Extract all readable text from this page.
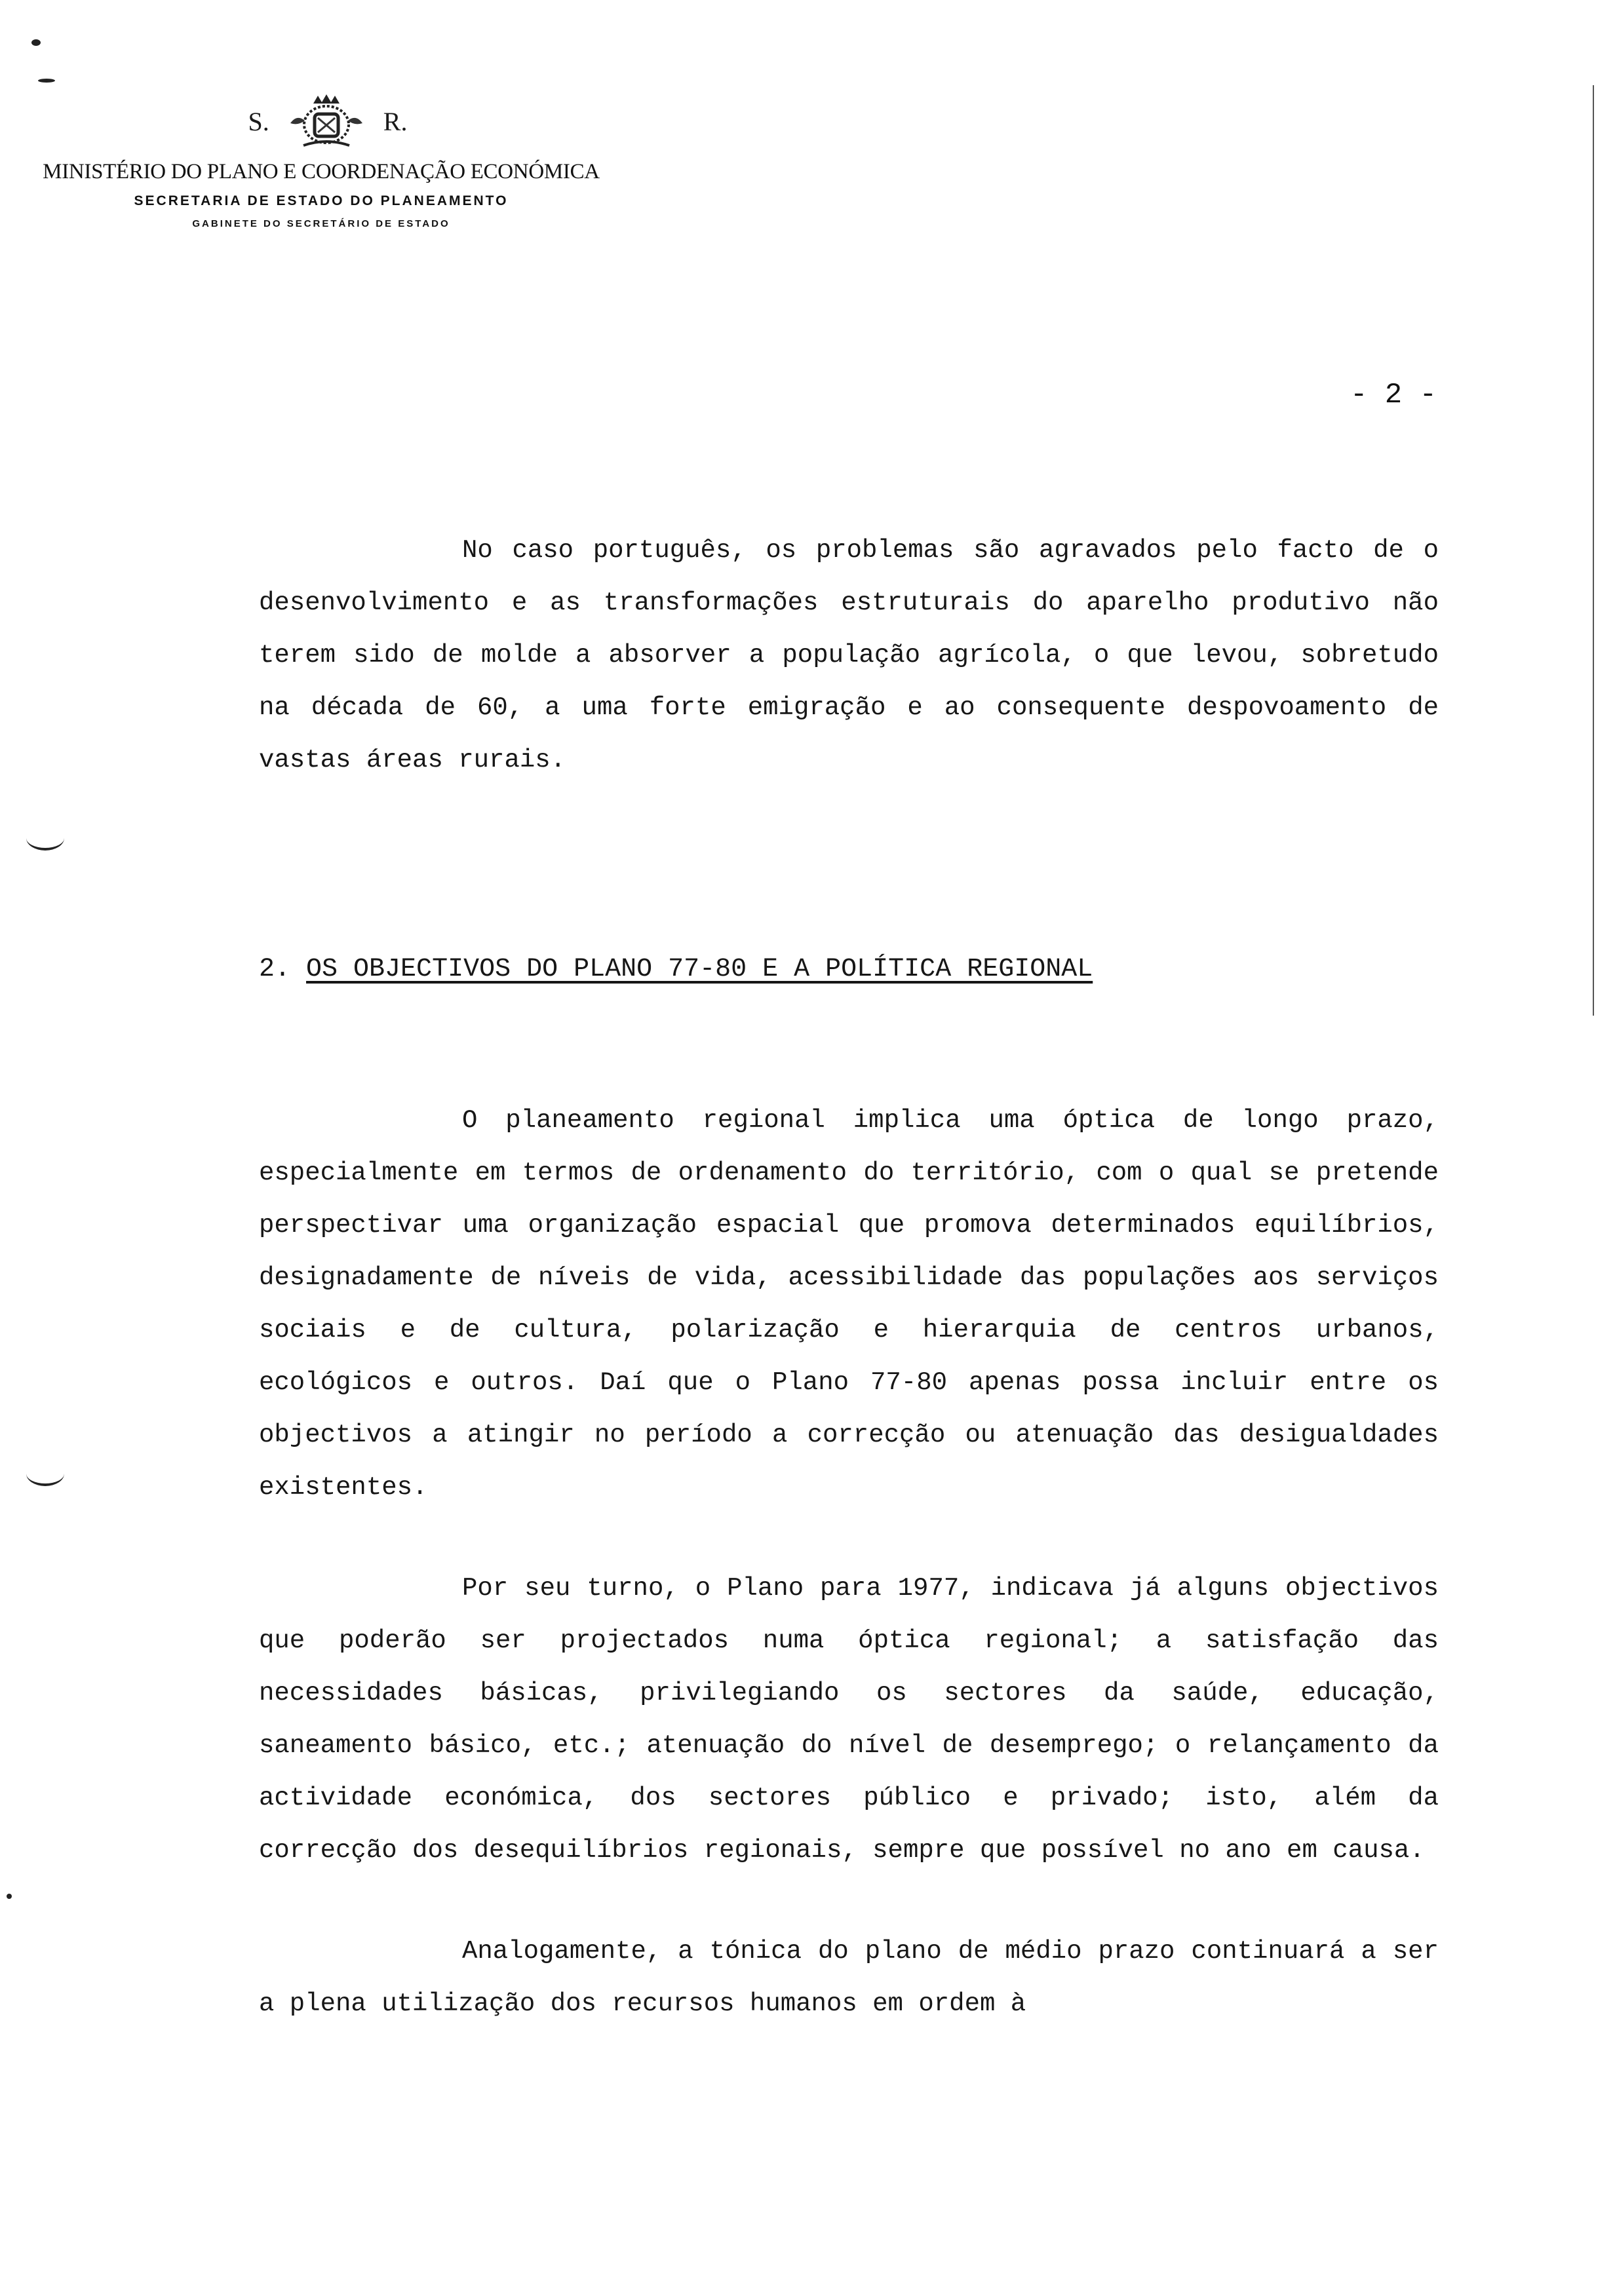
S.	R.
MINISTÉRIO DO PLANO E COORDENAÇÃO ECONÓMICA
SECRETARIA DE ESTADO DO PLANEAMENTO
GABINETE DO SECRETÁRIO DE ESTADO
- 2 -

No caso português, os problemas são agravados pelo facto de o desenvolvimento e as transformações estruturais do aparelho produtivo não terem sido de molde a absorver a população agrícola, o que levou, sobretudo na década de 60, a uma forte emigração e ao consequente despovoamento de vastas áreas rurais.

2. OS OBJECTIVOS DO PLANO 77-80 E A POLÍTICA REGIONAL

O planeamento regional implica uma óptica de longo prazo, especialmente em termos de ordenamento do território, com o qual se pretende perspectivar uma organização espacial que promova determinados equilíbrios, designadamente de níveis de vida, acessibilidade das populações aos serviços sociais e de cultura, polarização e hierarquia de centros urbanos, ecológicos e outros. Daí que o Plano 77-80 apenas possa incluir entre os objectivos a atingir no período a correcção ou atenuação das desigualdades existentes.

Por seu turno, o Plano para 1977, indicava já alguns objectivos que poderão ser projectados numa óptica regional; a satisfação das necessidades básicas, privilegiando os sectores da saúde, educação, saneamento básico, etc.; atenuação do nível de desemprego; o relançamento da actividade económica, dos sectores público e privado; isto, além da correcção dos desequilíbrios regionais, sempre que possível no ano em causa.

Analogamente, a tónica do plano de médio prazo continuará a ser a plena utilização dos recursos humanos em ordem à
